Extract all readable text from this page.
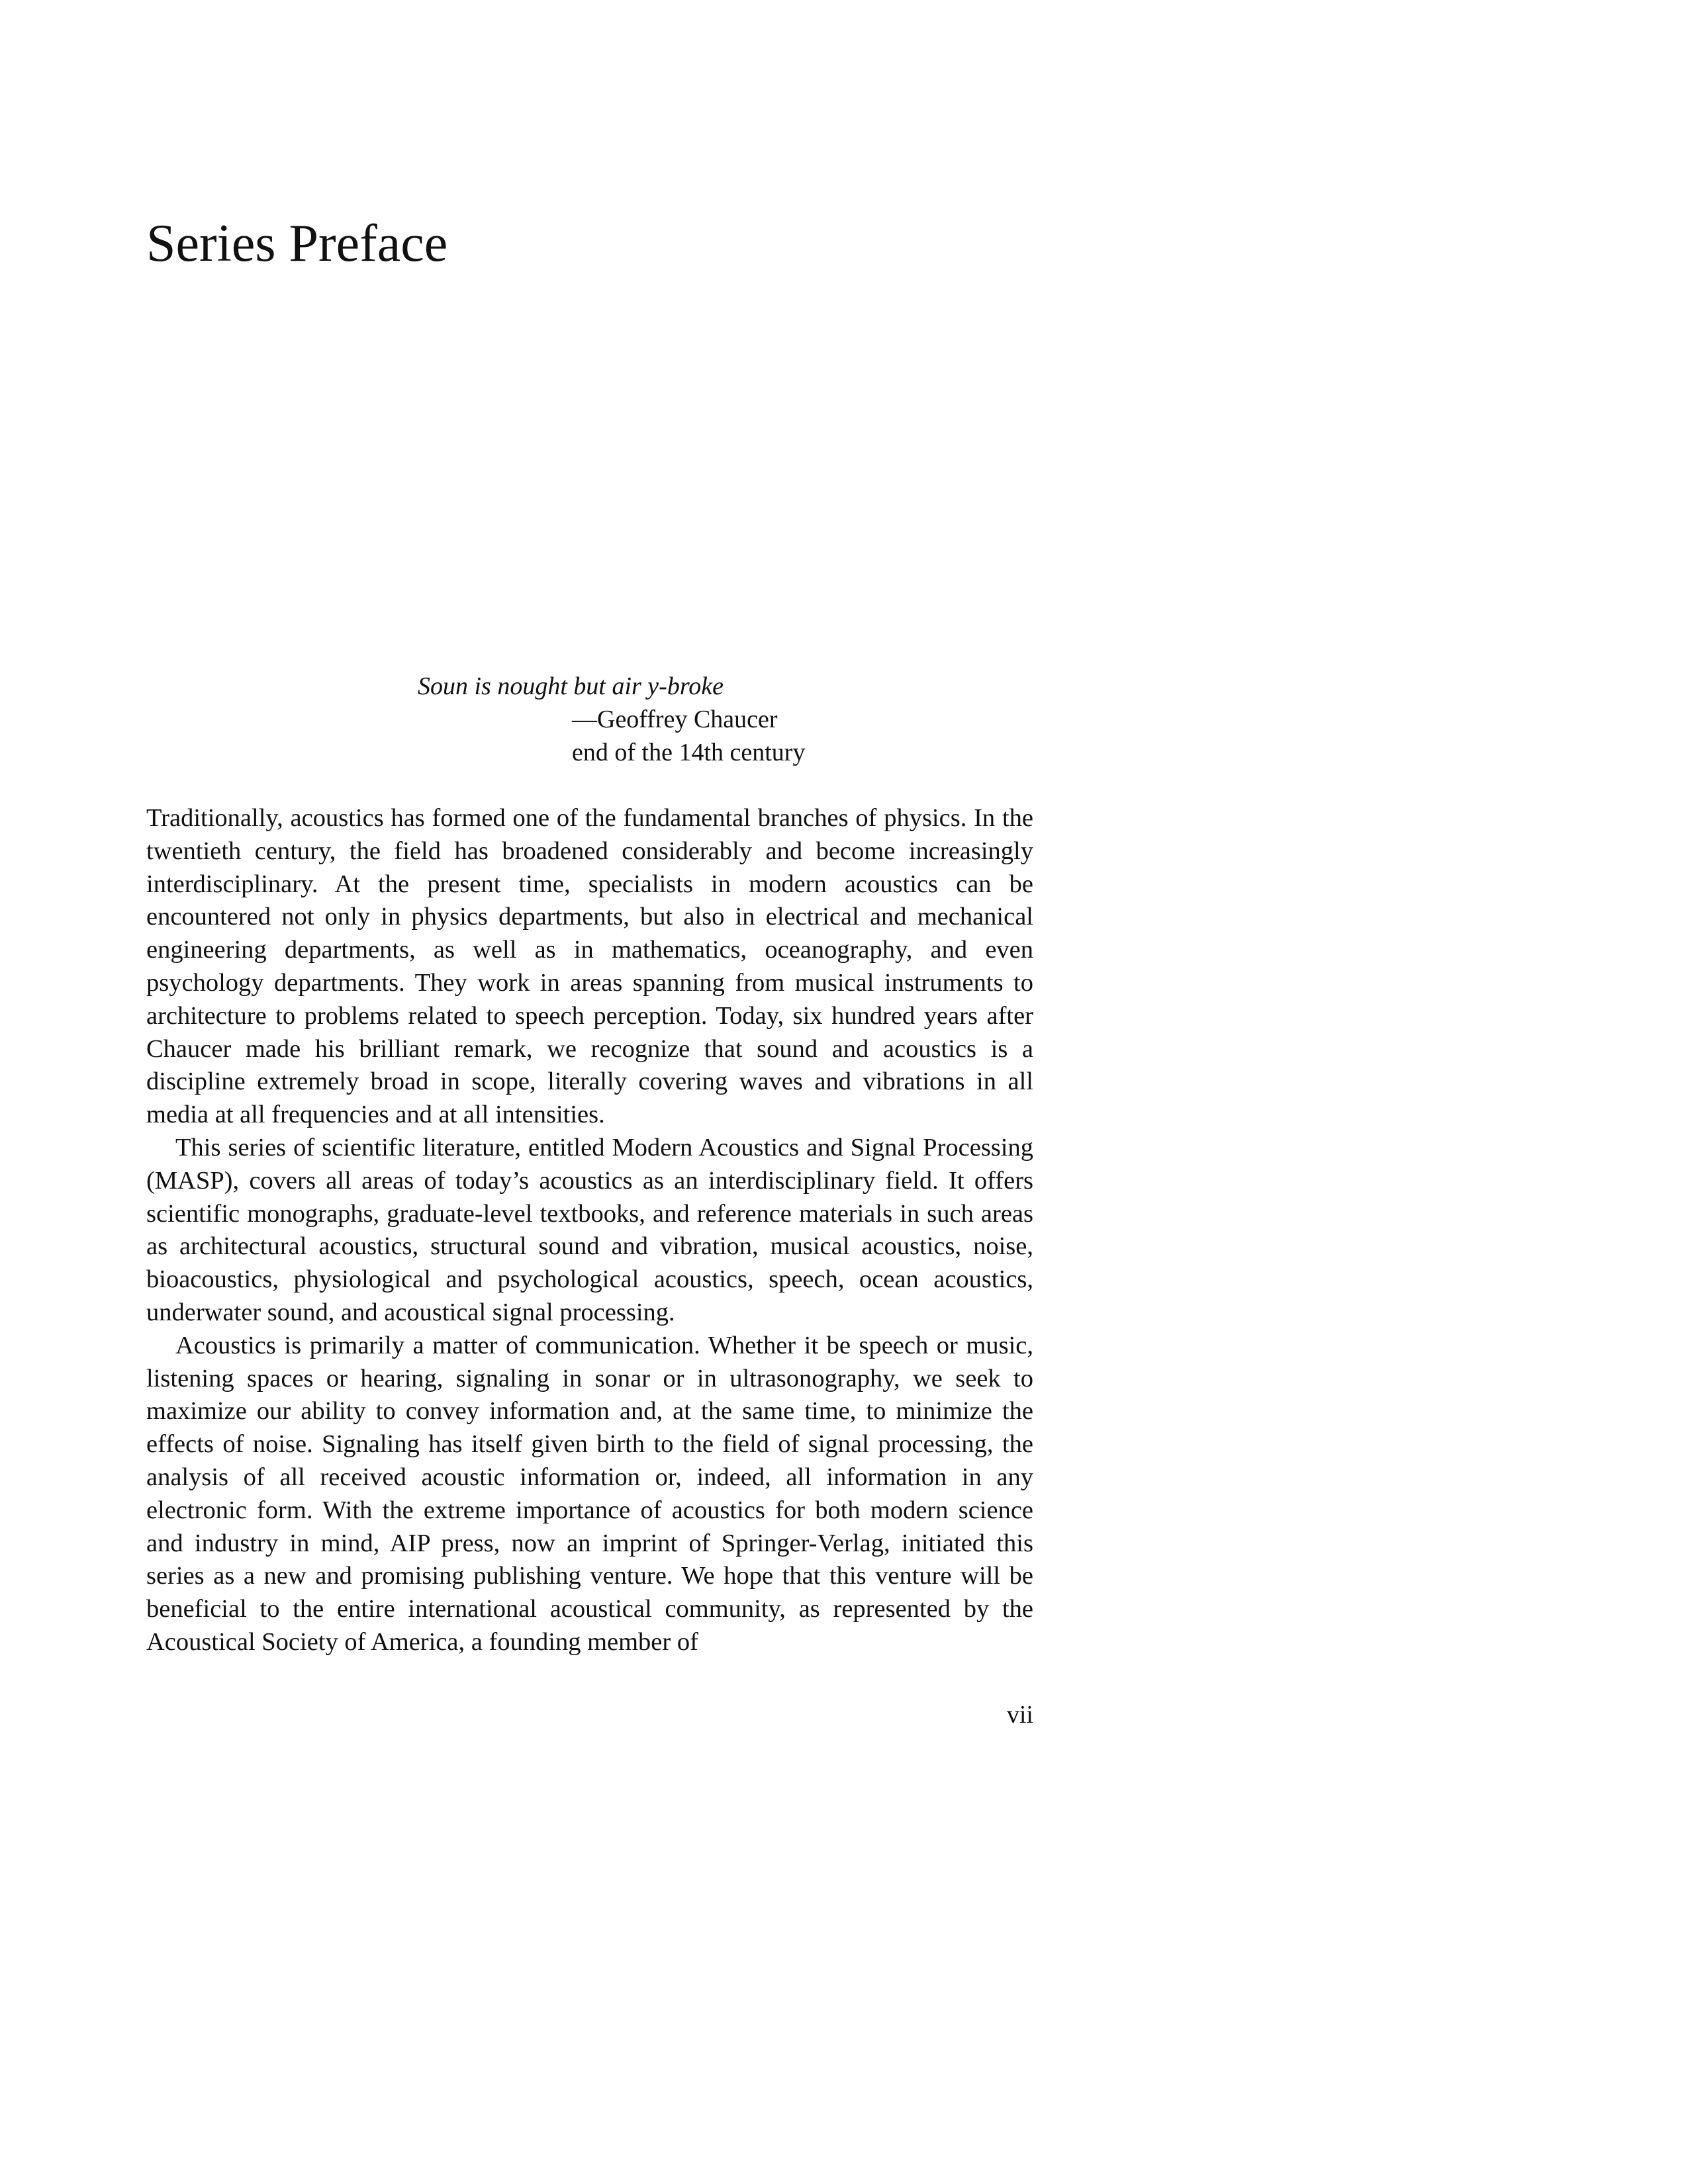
Series Preface
Soun is nought but air y-broke
—Geoffrey Chaucer
end of the 14th century

Traditionally, acoustics has formed one of the fundamental branches of physics. In the twentieth century, the field has broadened considerably and become increasingly interdisciplinary. At the present time, specialists in modern acoustics can be encountered not only in physics departments, but also in electrical and mechanical engineering departments, as well as in mathematics, oceanography, and even psychology departments. They work in areas spanning from musical instruments to architecture to problems related to speech perception. Today, six hundred years after Chaucer made his brilliant remark, we recognize that sound and acoustics is a discipline extremely broad in scope, literally covering waves and vibrations in all media at all frequencies and at all intensities.

This series of scientific literature, entitled Modern Acoustics and Signal Processing (MASP), covers all areas of today’s acoustics as an interdisciplinary field. It offers scientific monographs, graduate-level textbooks, and reference materials in such areas as architectural acoustics, structural sound and vibration, musical acoustics, noise, bioacoustics, physiological and psychological acoustics, speech, ocean acoustics, underwater sound, and acoustical signal processing.

Acoustics is primarily a matter of communication. Whether it be speech or music, listening spaces or hearing, signaling in sonar or in ultrasonography, we seek to maximize our ability to convey information and, at the same time, to minimize the effects of noise. Signaling has itself given birth to the field of signal processing, the analysis of all received acoustic information or, indeed, all information in any electronic form. With the extreme importance of acoustics for both modern science and industry in mind, AIP press, now an imprint of Springer-Verlag, initiated this series as a new and promising publishing venture. We hope that this venture will be beneficial to the entire international acoustical community, as represented by the Acoustical Society of America, a founding member of

vii
